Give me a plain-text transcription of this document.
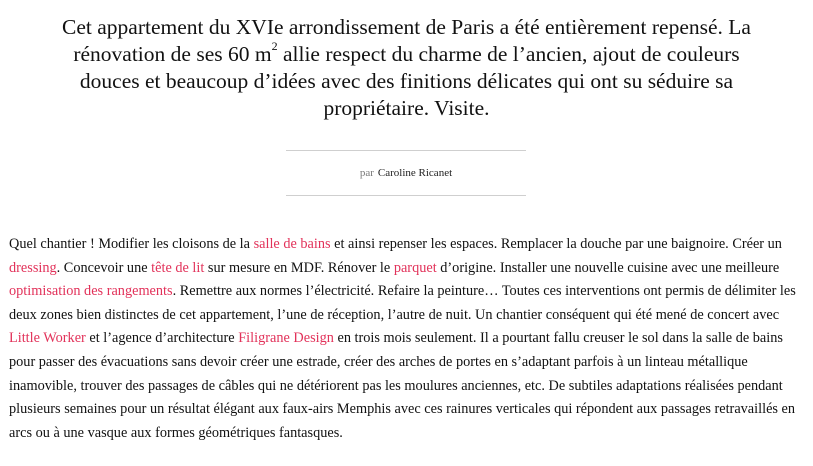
Cet appartement du XVIe arrondissement de Paris a été entièrement repensé. La rénovation de ses 60 $m^2$ allie respect du charme de l’ancien, ajout de couleurs douces et beaucoup d’idées avec des finitions délicates qui ont su séduire sa propriétaire. Visite.
par Caroline Ricanet
Quel chantier ! Modifier les cloisons de la salle de bains et ainsi repenser les espaces. Remplacer la douche par une baignoire. Créer un dressing. Concevoir une tête de lit sur mesure en MDF. Rénover le parquet d’origine. Installer une nouvelle cuisine avec une meilleure optimisation des rangements. Remettre aux normes l’électricité. Refaire la peinture… Toutes ces interventions ont permis de délimiter les deux zones bien distinctes de cet appartement, l’une de réception, l’autre de nuit. Un chantier conséquent qui été mené de concert avec Little Worker et l’agence d’architecture Filigrane Design en trois mois seulement. Il a pourtant fallu creuser le sol dans la salle de bains pour passer des évacuations sans devoir créer une estrade, créer des arches de portes en s’adaptant parfois à un linteau métallique inamovible, trouver des passages de câbles qui ne détériorent pas les moulures anciennes, etc. De subtiles adaptations réalisées pendant plusieurs semaines pour un résultat élégant aux faux-airs Memphis avec ces rainures verticales qui répondent aux passages retravaillés en arcs ou à une vasque aux formes géométriques fantasques.
